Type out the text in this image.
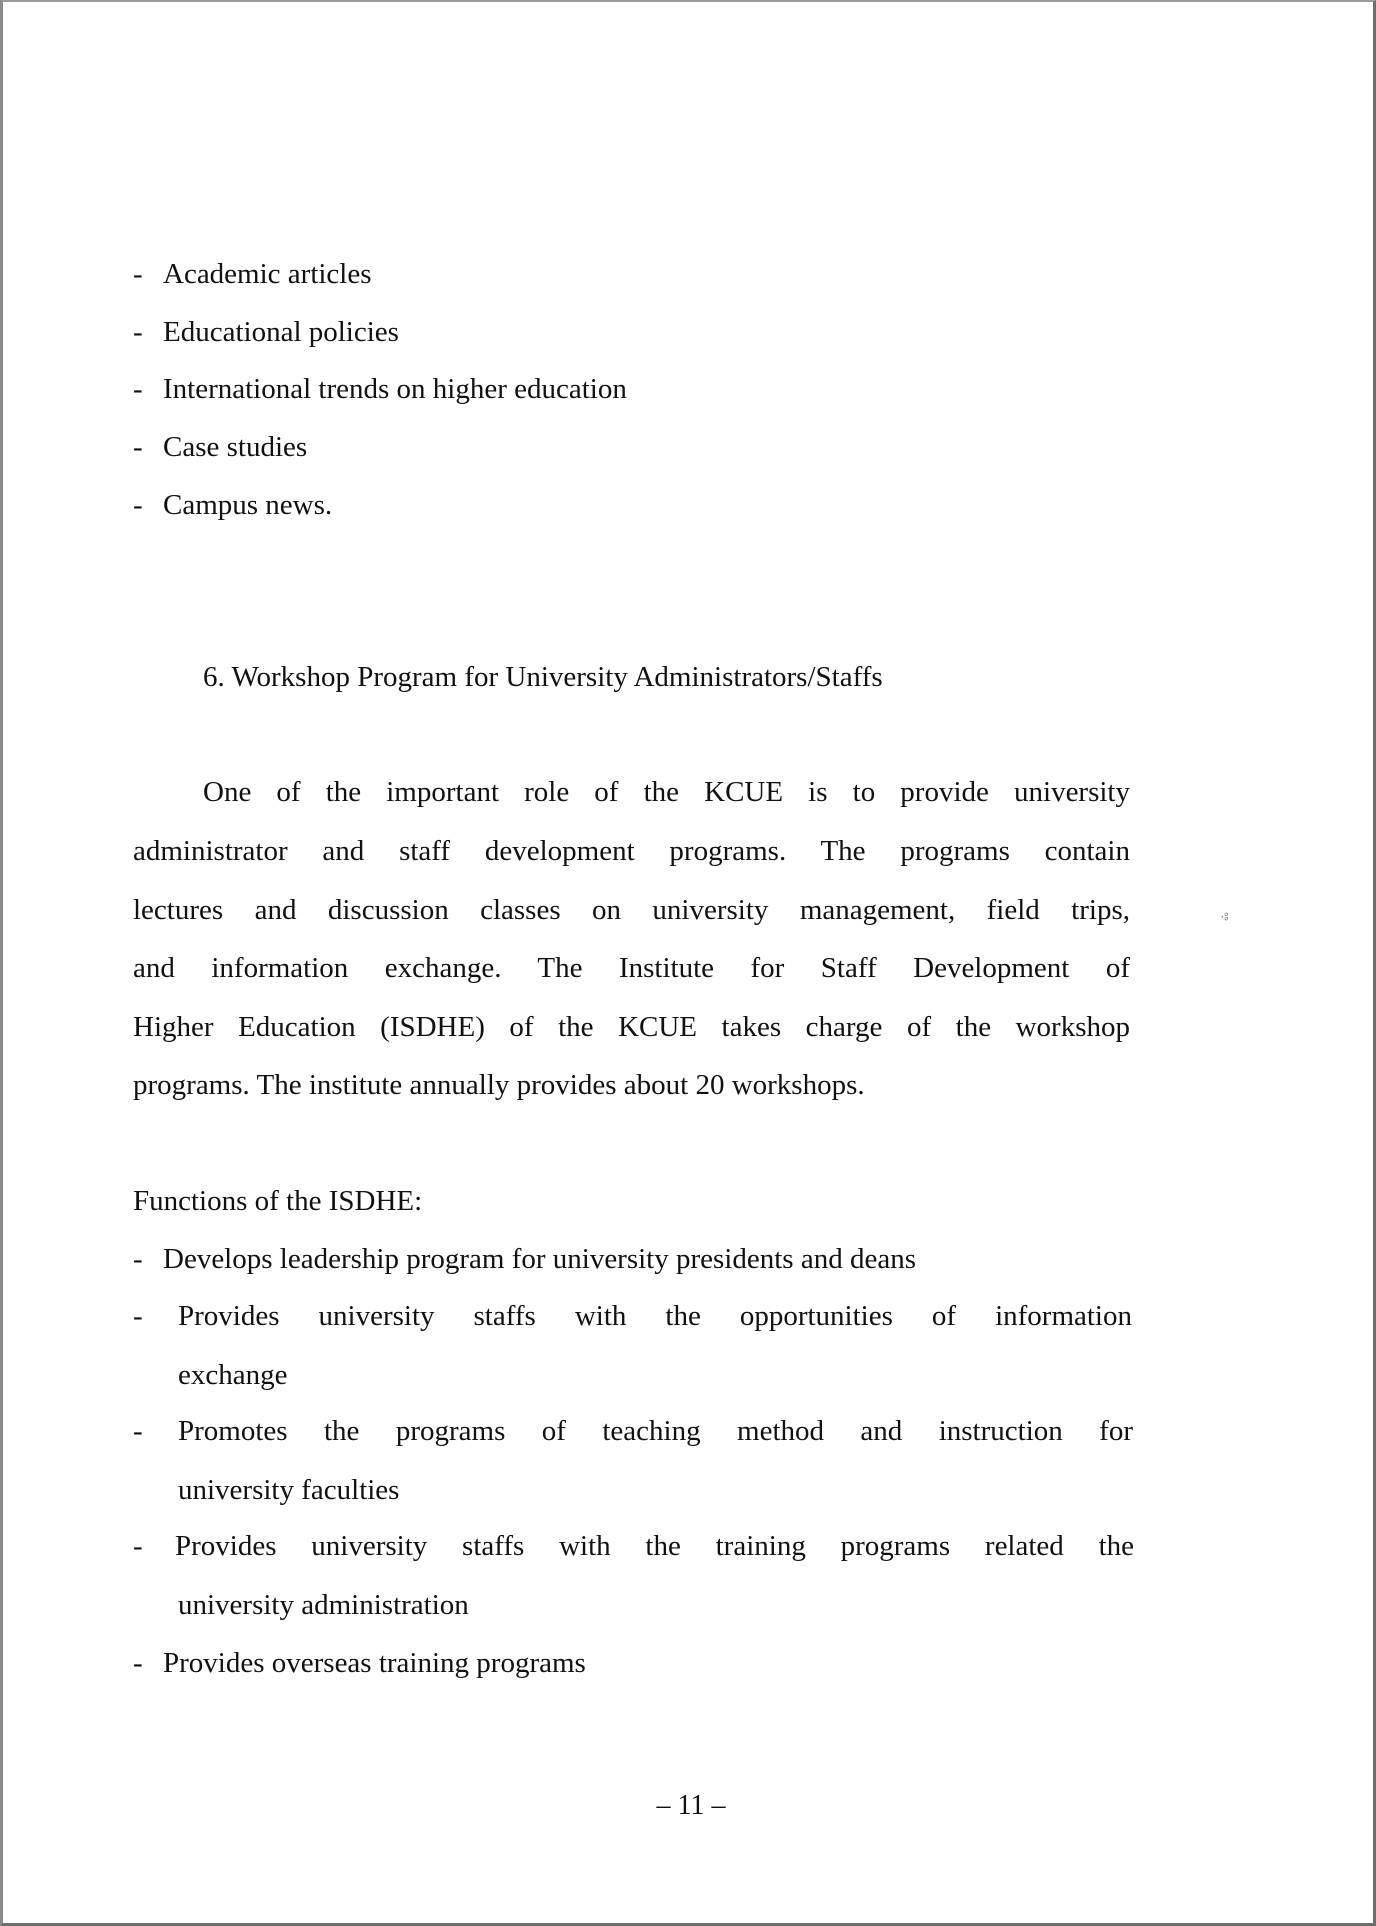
- Academic articles
- Educational policies
- International trends on higher education
- Case studies
- Campus news.
6. Workshop Program for University Administrators/Staffs
One of the important role of the KCUE is to provide university
administrator and staff development programs. The programs contain
lectures and discussion classes on university management, field trips,
and information exchange. The Institute for Staff Development of
Higher Education (ISDHE) of the KCUE takes charge of the workshop
programs. The institute annually provides about 20 workshops.
·ཿ
Functions of the ISDHE:
- Develops leadership program for university presidents and deans
- Provides university staffs with the opportunities of information
exchange
- Promotes the programs of teaching method and instruction for
university faculties
- Provides university staffs with the training programs related the
university administration
- Provides overseas training programs
– 11 –
